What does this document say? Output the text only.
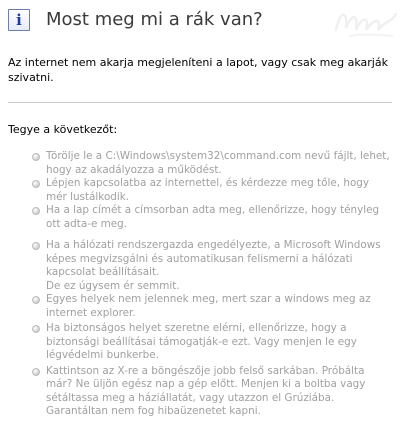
i	Most meg mi a rák van?

Az internet nem akarja megjeleníteni a lapot, vagy csak meg akarják szivatni.

Tegye a következőt:

Törölje le a C:\Windows\system32\command.com nevű fájlt, lehet, hogy az akadályozza a működést.
Lépjen kapcsolatba az internettel, és kérdezze meg tőle, hogy mér lustálkodik.
Ha a lap címét a címsorban adta meg, ellenőrizze, hogy tényleg ott adta-e meg.
Ha a hálózati rendszergazda engedélyezte, a Microsoft Windows képes megvizsgálni és automatikusan felismerni a hálózati kapcsolat beállításait.
De ez úgysem ér semmit.
Egyes helyek nem jelennek meg, mert szar a windows meg az internet explorer.
Ha biztonságos helyet szeretne elérni, ellenőrizze, hogy a biztonsági beállításai támogatják-e ezt. Vagy menjen le egy légvédelmi bunkerbe.
Kattintson az X-re a böngészője jobb felső sarkában. Próbálta már? Ne üljön egész nap a gép előtt. Menjen ki a boltba vagy sétáltassa meg a háziállatát, vagy utazzon el Grúziába. Garantáltan nem fog hibaüzenetet kapni.
